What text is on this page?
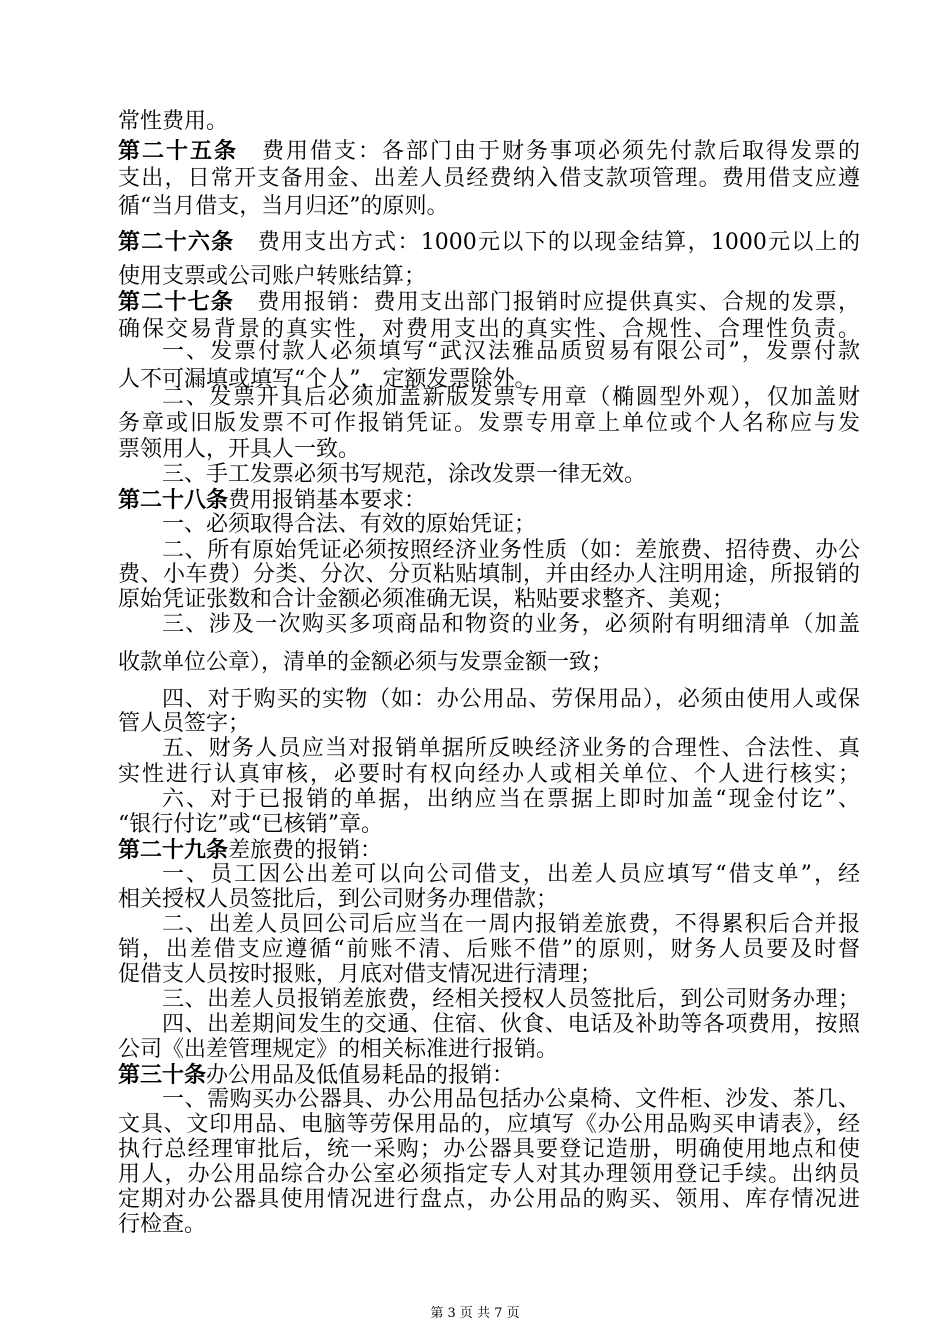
常性费用。
第二十五条　费用借支：各部门由于财务事项必须先付款后取得发票的
支出，日常开支备用金、出差人员经费纳入借支款项管理。费用借支应遵
循“当月借支，当月归还”的原则。
第二十六条　费用支出方式：1000元以下的以现金结算，1000元以上的
使用支票或公司账户转账结算；
第二十七条　费用报销：费用支出部门报销时应提供真实、合规的发票，
确保交易背景的真实性，对费用支出的真实性、合规性、合理性负责。
一、发票付款人必须填写“武汉法雅品质贸易有限公司”，发票付款
人不可漏填或填写“个人”，定额发票除外。
二、发票开具后必须加盖新版发票专用章（椭圆型外观），仅加盖财
务章或旧版发票不可作报销凭证。发票专用章上单位或个人名称应与发
票领用人，开具人一致。
三、手工发票必须书写规范，涂改发票一律无效。
第二十八条费用报销基本要求：
一、必须取得合法、有效的原始凭证；
二、所有原始凭证必须按照经济业务性质（如：差旅费、招待费、办公
费、小车费）分类、分次、分页粘贴填制，并由经办人注明用途，所报销的
原始凭证张数和合计金额必须准确无误，粘贴要求整齐、美观；
三、涉及一次购买多项商品和物资的业务，必须附有明细清单（加盖
收款单位公章），清单的金额必须与发票金额一致；
四、对于购买的实物（如：办公用品、劳保用品），必须由使用人或保
管人员签字；
五、财务人员应当对报销单据所反映经济业务的合理性、合法性、真
实性进行认真审核，必要时有权向经办人或相关单位、个人进行核实；
六、对于已报销的单据，出纳应当在票据上即时加盖“现金付讫”、
“银行付讫”或“已核销”章。
第二十九条差旅费的报销：
一、员工因公出差可以向公司借支，出差人员应填写“借支单”，经
相关授权人员签批后，到公司财务办理借款；
二、出差人员回公司后应当在一周内报销差旅费，不得累积后合并报
销，出差借支应遵循“前账不清、后账不借”的原则，财务人员要及时督
促借支人员按时报账，月底对借支情况进行清理；
三、出差人员报销差旅费，经相关授权人员签批后，到公司财务办理；
四、出差期间发生的交通、住宿、伙食、电话及补助等各项费用，按照
公司《出差管理规定》的相关标准进行报销。
第三十条办公用品及低值易耗品的报销：
一、需购买办公器具、办公用品包括办公桌椅、文件柜、沙发、茶几、
文具、文印用品、电脑等劳保用品的，应填写《办公用品购买申请表》，经
执行总经理审批后，统一采购；办公器具要登记造册，明确使用地点和使
用人，办公用品综合办公室必须指定专人对其办理领用登记手续。出纳员
定期对办公器具使用情况进行盘点，办公用品的购买、领用、库存情况进
行检查。
第 3 页 共 7 页
